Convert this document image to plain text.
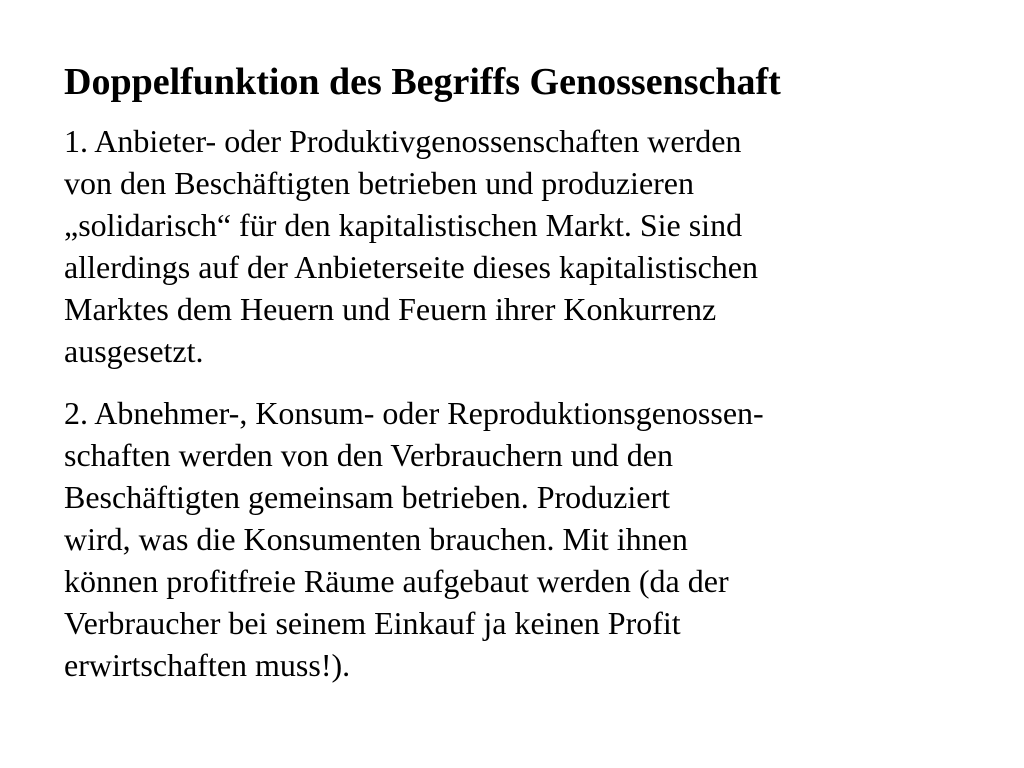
Doppelfunktion des Begriffs Genossenschaft

1. Anbieter- oder Produktivgenossenschaften werden
von den Beschäftigten betrieben und produzieren
„solidarisch“ für den kapitalistischen Markt. Sie sind
allerdings auf der Anbieterseite dieses kapitalistischen
Marktes dem Heuern und Feuern ihrer Konkurrenz
ausgesetzt.

2. Abnehmer-, Konsum- oder Reproduktionsgenossen-
schaften werden von den Verbrauchern und den
Beschäftigten gemeinsam betrieben. Produziert
wird, was die Konsumenten brauchen. Mit ihnen
können profitfreie Räume aufgebaut werden (da der
Verbraucher bei seinem Einkauf ja keinen Profit
erwirtschaften muss!).
